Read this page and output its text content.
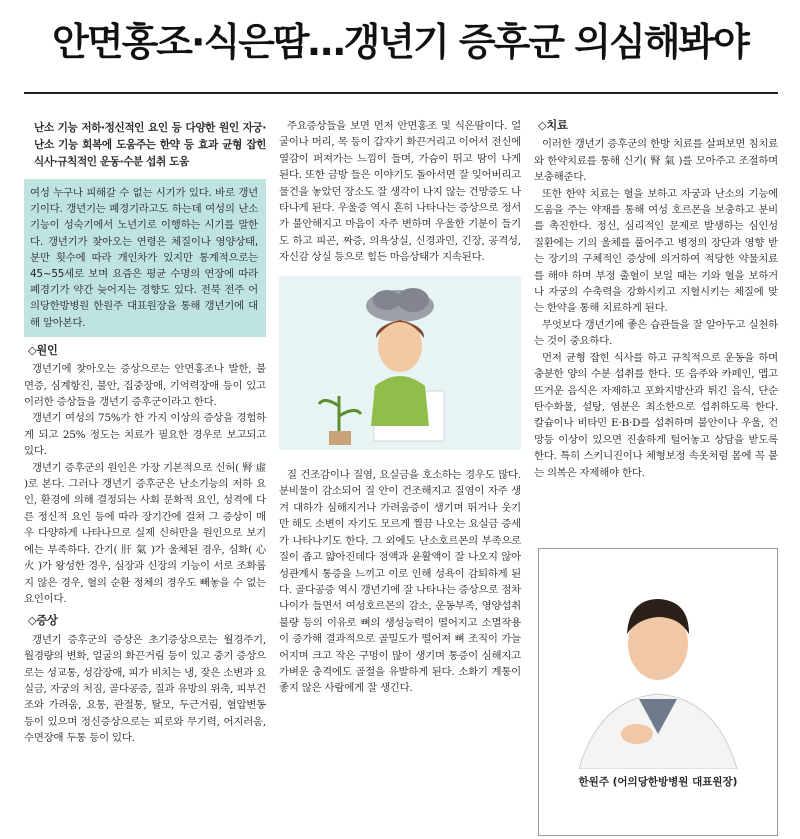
안면홍조·식은땀…갱년기 증후군 의심해봐야
난소 기능 저하·정신적인 요인 등 다양한 원인 자궁·난소 기능 회복에 도움주는 한약 등 효과 균형 잡힌 식사·규칙적인 운동·수분 섭취 도움
여성 누구나 피해갈 수 없는 시기가 있다. 바로 갱년기이다. 갱년기는 폐경기라고도 하는데 여성의 난소기능이 성숙기에서 노년기로 이행하는 시기를 말한다. 갱년기가 찾아오는 연령은 체질이나 영양상태, 분만 횟수에 따라 개인차가 있지만 통계적으로는 45~55세로 보며 요즘은 평균 수명의 연장에 따라 폐경기가 약간 늦어지는 경향도 있다. 전북 전주 어의당한방병원 한원주 대표원장을 통해 갱년기에 대해 알아본다.
◇원인

갱년기에 찾아오는 증상으로는 안면홍조나 발한, 불면증, 심계항진, 불안, 집중장애, 기억력장애 등이 있고 이러한 증상들을 갱년기 증후군이라고 한다.

갱년기 여성의 75%가 한 가지 이상의 증상을 경험하게 되고 25% 정도는 치료가 필요한 경우로 보고되고 있다.

갱년기 증후군의 원인은 가장 기본적으로 신허( 腎 虛 )로 본다. 그러나 갱년기 증후군은 난소기능의 저하 요인, 환경에 의해 결정되는 사회 문화적 요인, 성격에 다른 정신적 요인 등에 따라 장기간에 걸쳐 그 증상이 매우 다양하게 나타나므로 실제 신허만을 원인으로 보기에는 부족하다. 간기( 肝 氣 )가 울체된 경우, 심화( 心 火 )가 왕성한 경우, 심장과 신장의 기능이 서로 조화롭지 않은 경우, 혈의 순환 정체의 경우도 빼놓을 수 없는 요인이다.

◇증상

갱년기 증후군의 증상은 초기증상으로는 월경주기, 월경량의 변화, 얼굴의 화끈거림 등이 있고 중기 증상으로는 성교통, 성감장애, 피가 비치는 냉, 잦은 소변과 요실금, 자궁의 처짐, 골다공증, 질과 유방의 위축, 피부건조와 가려움, 요통, 관절통, 탈모, 두근거림, 혈압변동 등이 있으며 정신증상으로는 피로와 무기력, 어지러움, 수면장애 두통 등이 있다.

주요증상들을 보면 먼저 안면홍조 및 식은땀이다. 얼굴이나 머리, 목 등이 갑자기 화끈거리고 이어서 전신에 열감이 퍼져가는 느낌이 들며, 가슴이 뛰고 땀이 나게 된다. 또한 금방 들은 이야기도 돌아서면 잘 잊어버리고 물건을 놓았던 장소도 잘 생각이 나지 않는 건망증도 나타나게 된다. 우울증 역시 흔히 나타나는 증상으로 정서가 불안해지고 마음이 자주 변하며 우울한 기분이 들기도 하고 피곤, 짜증, 의욕상실, 신경과민, 긴장, 공격성, 자신감 상실 등으로 힘든 마음상태가 지속된다.

질 건조감이나 질염, 요실금을 호소하는 경우도 많다. 분비물이 감소되어 질 안이 건조해지고 질염이 자주 생겨 대하가 심해지거나 가려움증이 생기며 뛰거나 웃기만 해도 소변이 자기도 모르게 찔끔 나오는 요실금 증세가 나타나기도 한다. 그 외에도 난소호르몬의 부족으로 질이 좁고 얇아진데다 점액과 윤활액이 잘 나오지 않아 성관계시 통증을 느끼고 이로 인해 성욕이 감퇴하게 된다. 골다공증 역시 갱년기에 잘 나타나는 증상으로 점차 나이가 들면서 여성호르몬의 감소, 운동부족, 영양섭취 불량 등의 이유로 뼈의 생성능력이 떨어지고 소멸작용이 증가해 결과적으로 골밀도가 떨어져 뼈 조직이 가늘어지며 크고 작은 구멍이 많이 생기며 통증이 심해지고 가벼운 충격에도 골절을 유발하게 된다. 소화기 계통이 좋지 않은 사람에게 잘 생긴다.

◇치료

이러한 갱년기 증후군의 한방 치료를 살펴보면 침치료와 한약치료를 통해 신기( 腎 氣 )를 모아주고 조절하며 보충해준다.

또한 한약 치료는 혈을 보하고 자궁과 난소의 기능에 도움을 주는 약재를 통해 여성 호르몬을 보충하고 분비를 촉진한다. 정신, 심리적인 문제로 발생하는 심인성 질환에는 기의 울체를 풀어주고 병정의 장단과 영향 받는 장기의 구체적인 증상에 의거하여 적당한 약물치료를 해야 하며 부정 출혈이 보일 때는 기와 혈을 보하거나 자궁의 수축력을 강화시키고 지혈시키는 체질에 맞는 한약을 통해 치료하게 된다.

무엇보다 갱년기에 좋은 습관들을 잘 알아두고 실천하는 것이 중요하다.

먼저 균형 잡힌 식사를 하고 규칙적으로 운동을 하며 충분한 양의 수분 섭취를 한다. 또 음주와 카페인, 맵고 뜨거운 음식은 자제하고 포화지방산과 튀긴 음식, 단순 탄수화물, 설탕, 염분은 최소한으로 섭취하도록 한다. 칼슘이나 비타민 E·B·D를 섭취하며 불안이나 우울, 건망등 이상이 있으면 진솔하게 털어놓고 상담을 받도록 한다. 특히 스키니진이나 체형보정 속옷처럼 몸에 꼭 붙는 의복은 자제해야 한다.

한원주 (어의당한방병원 대표원장)
